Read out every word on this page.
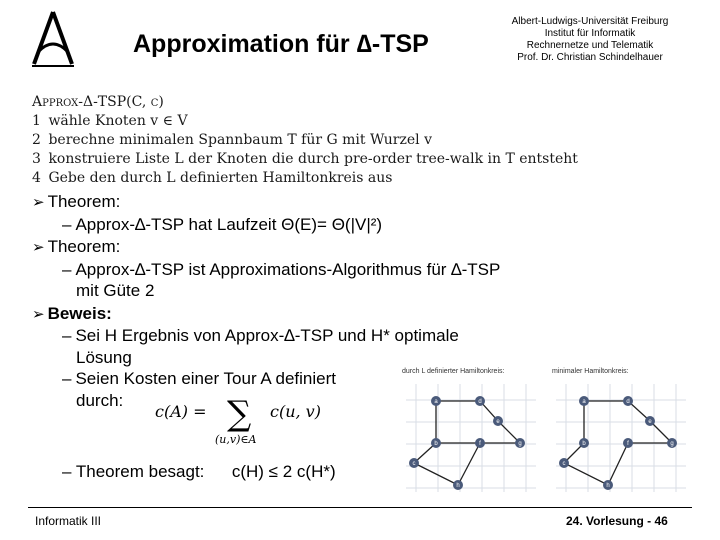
Approximation für ∆-TSP
Albert-Ludwigs-Universität Freiburg
Institut für Informatik
Rechnernetze und Telematik
Prof. Dr. Christian Schindelhauer
Approx-Δ-TSP(C, c)
1 wähle Knoten v ∈ V
2 berechne minimalen Spannbaum T für G mit Wurzel v
3 konstruiere Liste L der Knoten die durch pre-order tree-walk in T entsteht
4 Gebe den durch L definierten Hamiltonkreis aus
➢ Theorem:
– Approx-∆-TSP hat Laufzeit Θ(E)= Θ(|V|²)
➢ Theorem:
– Approx-∆-TSP ist Approximations-Algorithmus für ∆-TSP
mit Güte 2
➢ Beweis:
– Sei H Ergebnis von Approx-∆-TSP und H* optimale
Lösung
– Seien Kosten einer Tour A definiert
durch:
c(A) = ∑
(u,v)∈A
c(u, v)
– Theorem besagt: c(H) ≤ 2 c(H*)
durch L definierter Hamiltonkreis:
a	d
e
b	f	g
c
h
minimaler Hamiltonkreis:
a	d
e
b	f	g
c
h
Informatik III	24. Vorlesung - 46
